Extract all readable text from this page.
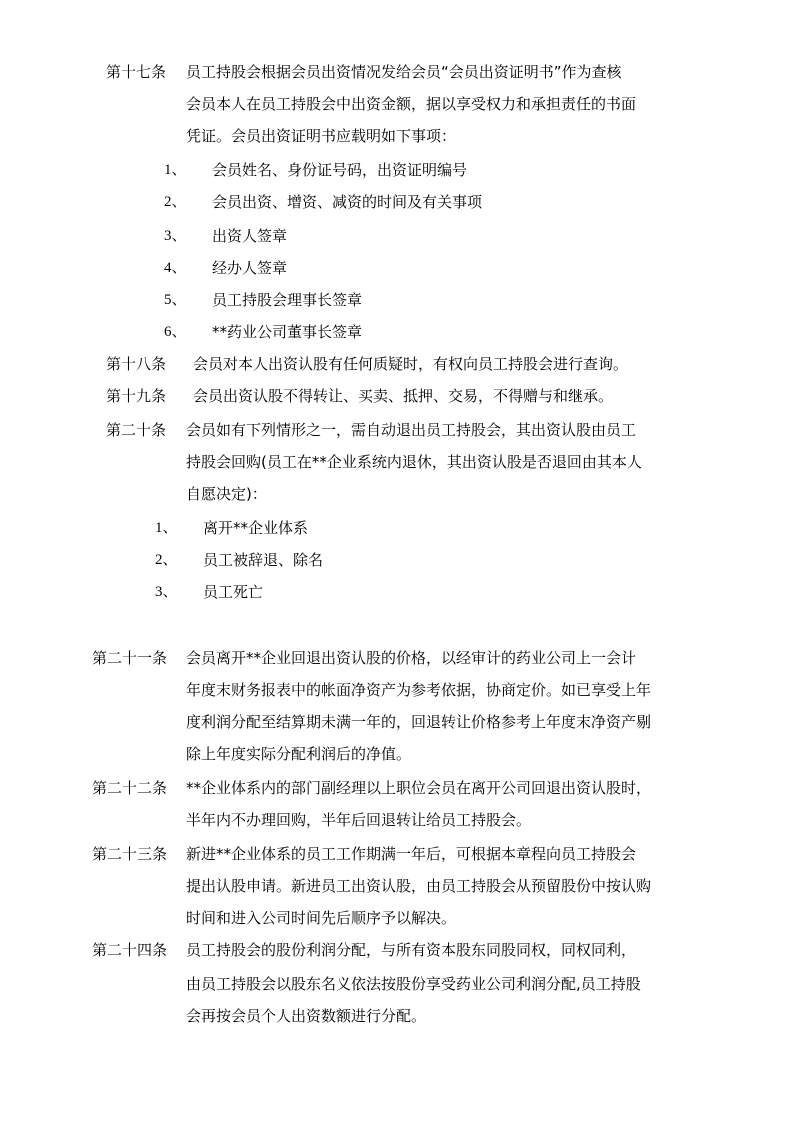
第十七条 员工持股会根据会员出资情况发给会员“会员出资证明书”作为查核
会员本人在员工持股会中出资金额，据以享受权力和承担责任的书面
凭证。会员出资证明书应载明如下事项：
1、 会员姓名、身份证号码，出资证明编号
2、 会员出资、增资、减资的时间及有关事项
3、 出资人签章
4、 经办人签章
5、 员工持股会理事长签章
6、 **药业公司董事长签章
第十八条 会员对本人出资认股有任何质疑时，有权向员工持股会进行查询。
第十九条 会员出资认股不得转让、买卖、抵押、交易，不得赠与和继承。
第二十条 会员如有下列情形之一，需自动退出员工持股会，其出资认股由员工
持股会回购(员工在**企业系统内退休，其出资认股是否退回由其本人
自愿决定)：
1、 离开**企业体系
2、 员工被辞退、除名
3、 员工死亡
第二十一条 会员离开**企业回退出资认股的价格，以经审计的药业公司上一会计
年度末财务报表中的帐面净资产为参考依据，协商定价。如已享受上年
度利润分配至结算期未满一年的，回退转让价格参考上年度末净资产剔
除上年度实际分配利润后的净值。
第二十二条 **企业体系内的部门副经理以上职位会员在离开公司回退出资认股时，
半年内不办理回购，半年后回退转让给员工持股会。
第二十三条 新进**企业体系的员工工作期满一年后，可根据本章程向员工持股会
提出认股申请。新进员工出资认股，由员工持股会从预留股份中按认购
时间和进入公司时间先后顺序予以解决。
第二十四条 员工持股会的股份利润分配，与所有资本股东同股同权，同权同利，
由员工持股会以股东名义依法按股份享受药业公司利润分配,员工持股
会再按会员个人出资数额进行分配。
